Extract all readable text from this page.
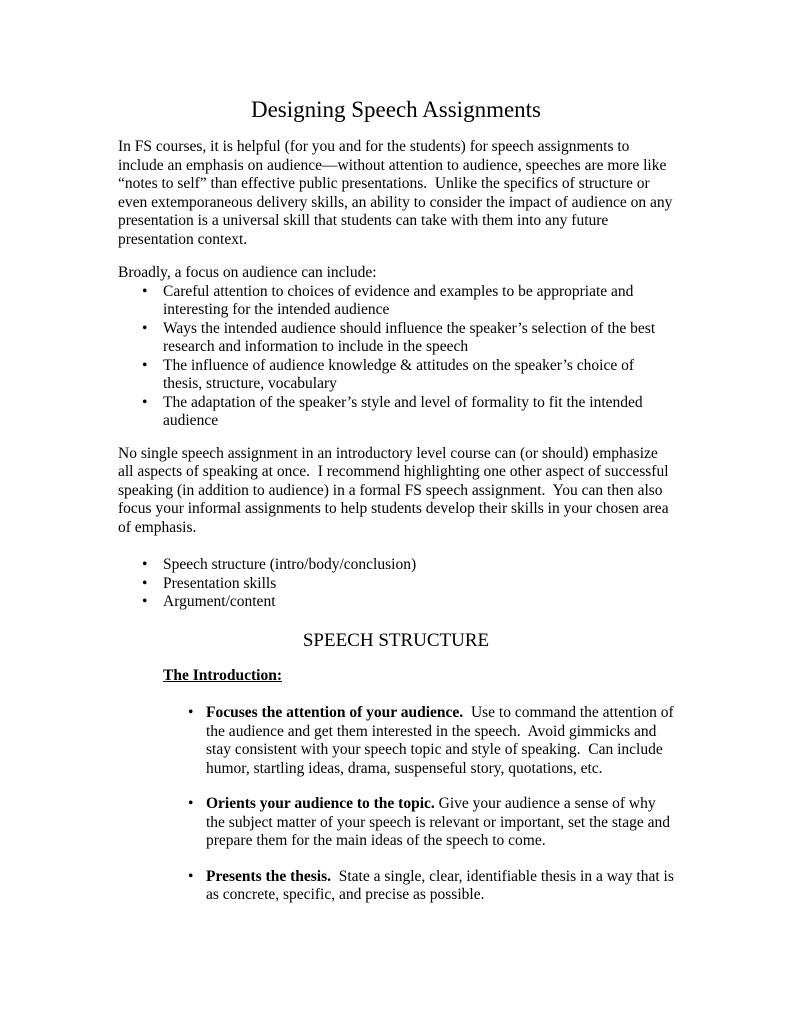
Designing Speech Assignments

In FS courses, it is helpful (for you and for the students) for speech assignments to include an emphasis on audience—without attention to audience, speeches are more like “notes to self” than effective public presentations.  Unlike the specifics of structure or even extemporaneous delivery skills, an ability to consider the impact of audience on any presentation is a universal skill that students can take with them into any future presentation context.

Broadly, a focus on audience can include:

• Careful attention to choices of evidence and examples to be appropriate and interesting for the intended audience
• Ways the intended audience should influence the speaker’s selection of the best research and information to include in the speech
• The influence of audience knowledge & attitudes on the speaker’s choice of thesis, structure, vocabulary
• The adaptation of the speaker’s style and level of formality to fit the intended audience

No single speech assignment in an introductory level course can (or should) emphasize all aspects of speaking at once.  I recommend highlighting one other aspect of successful speaking (in addition to audience) in a formal FS speech assignment.  You can then also focus your informal assignments to help students develop their skills in your chosen area of emphasis.

• Speech structure (intro/body/conclusion)
• Presentation skills
• Argument/content
SPEECH STRUCTURE
The Introduction:
• Focuses the attention of your audience.  Use to command the attention of the audience and get them interested in the speech.  Avoid gimmicks and stay consistent with your speech topic and style of speaking.  Can include humor, startling ideas, drama, suspenseful story, quotations, etc.
• Orients your audience to the topic. Give your audience a sense of why the subject matter of your speech is relevant or important, set the stage and prepare them for the main ideas of the speech to come.
• Presents the thesis.  State a single, clear, identifiable thesis in a way that is as concrete, specific, and precise as possible.
